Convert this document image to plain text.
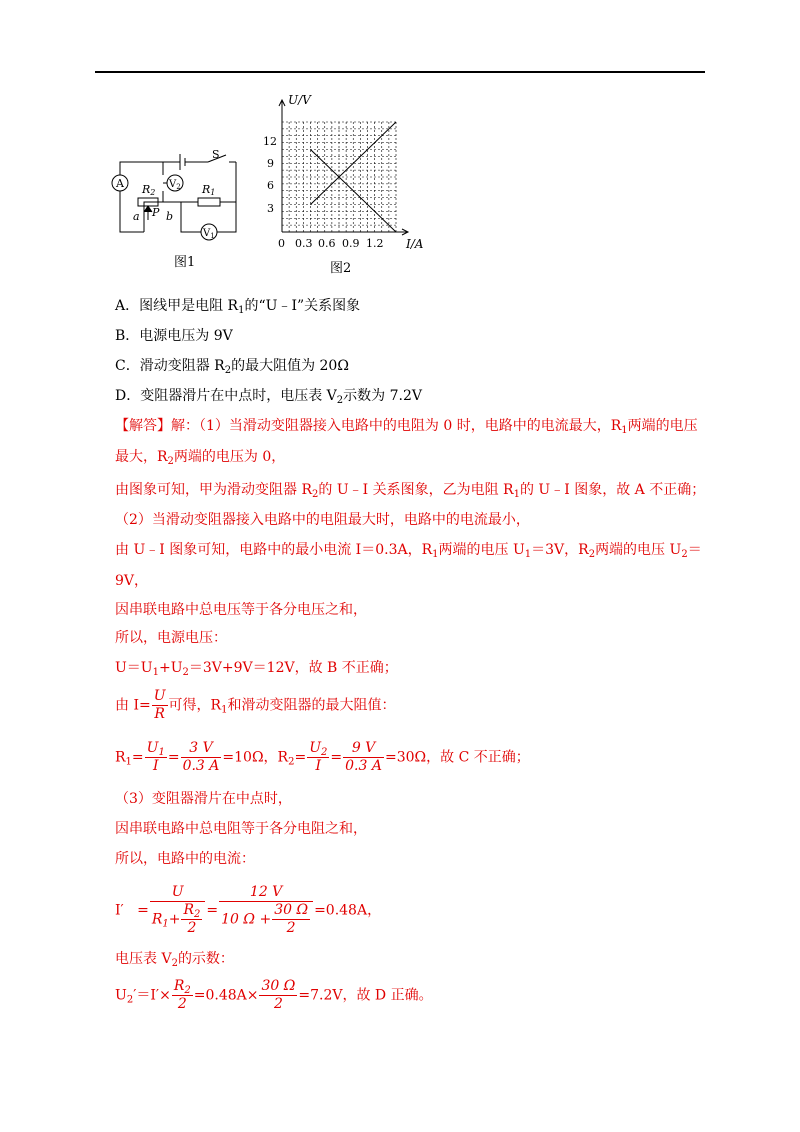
A	$V_2$
S
R2	R1
a P b
$V_1$
图1
U/V
I/A
12
9
6
3
0 0.3 0.6 0.9 1.2
图2
A．图线甲是电阻 $R_1$的“U﹣I”关系图象
B．电源电压为 9V
C．滑动变阻器 $R_2$的最大阻值为 20Ω
D．变阻器滑片在中点时，电压表 $V_2$示数为 7.2V
【解答】解：（1）当滑动变阻器接入电路中的电阻为 0 时，电路中的电流最大，$R_1$两端的电压
最大，$R_2$两端的电压为 0，
由图象可知，甲为滑动变阻器 $R_2$的 U﹣I 关系图象，乙为电阻 $R_1$的 U﹣I 图象，故 A 不正确；
（2）当滑动变阻器接入电路中的电阻最大时，电路中的电流最小，
由 U﹣I 图象可知，电路中的最小电流 I＝0.3A，$R_1$两端的电压 $U_1=3V$，$R_2$两端的电压 $U_2=$
9V，
因串联电路中总电压等于各分电压之和，
所以，电源电压：
$U=U_1+U_2=3V+9V=12V$，故 B 不正确；
由 $I= \frac{U}{R}$ 可得，$R_1$和滑动变阻器的最大阻值：
$R_1= \frac{U_1}{I} = \frac{3 V}{0.3 A} =10\Omega$，$R_2= \frac{U_2}{I} = \frac{9 V}{0.3 A} =30\Omega$，故 C 不正确；
（3）变阻器滑片在中点时，
因串联电路中总电阻等于各分电阻之和，
所以，电路中的电流：
$I' = \frac{U}{R_1+ \frac{R_2}{2}} = \frac{12 V}{10 \Omega + \frac{30 \Omega}{2}} =0.48A$，
电压表 $V_2$的示数：
$U_2'=I'\times \frac{R_2}{2} =0.48A\times \frac{30 \Omega}{2} =7.2V$，故 D 正确。
